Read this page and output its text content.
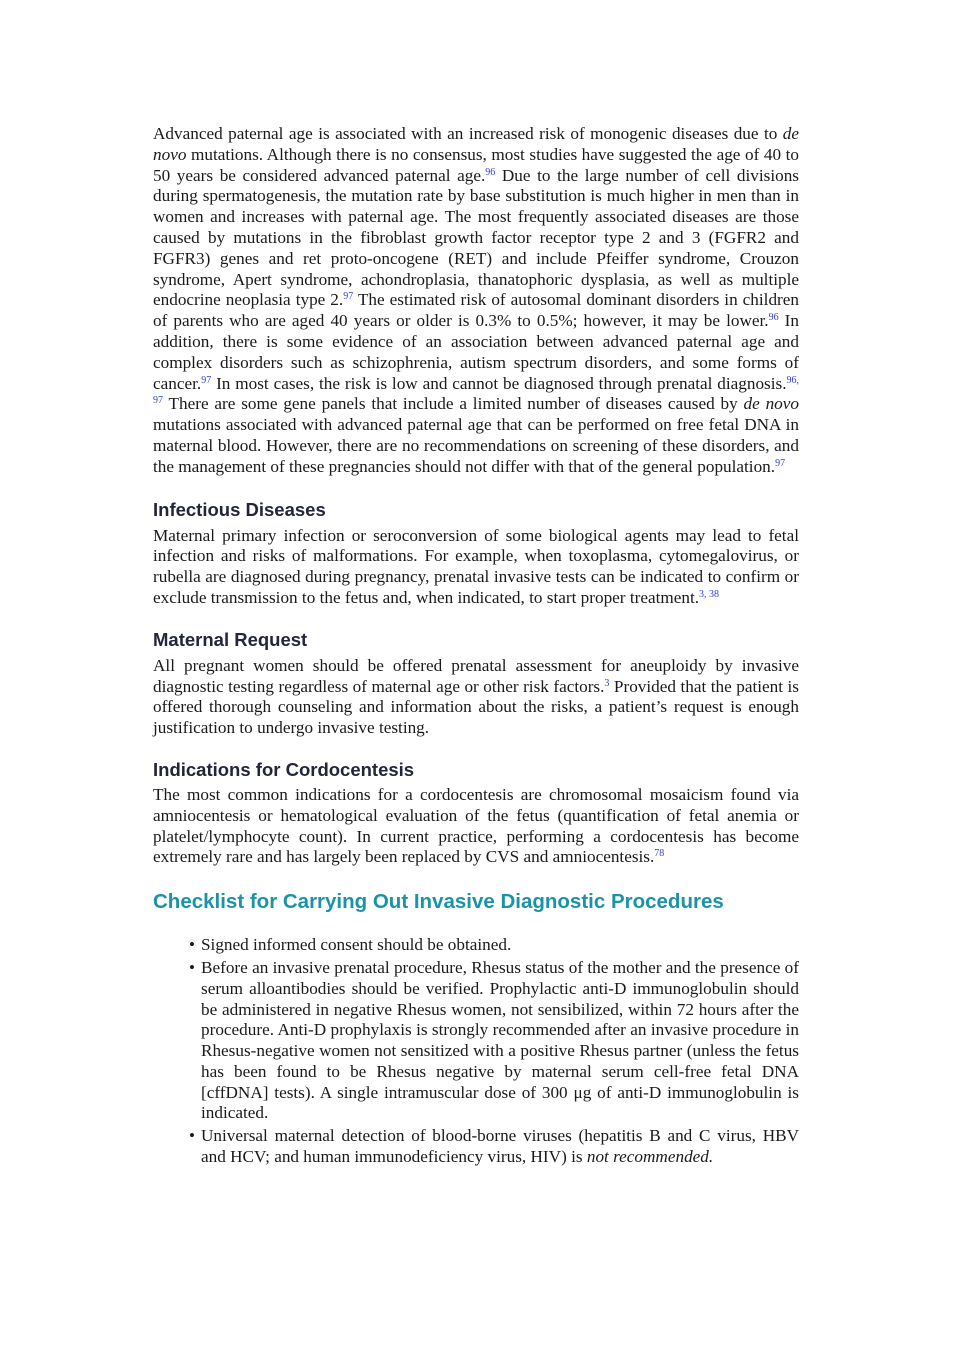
Advanced paternal age is associated with an increased risk of monogenic diseases due to de novo mutations. Although there is no consensus, most studies have suggested the age of 40 to 50 years be considered advanced paternal age.$^{96}$ Due to the large number of cell divisions during spermatogenesis, the mutation rate by base substitution is much higher in men than in women and increases with paternal age. The most frequently associated diseases are those caused by mutations in the fibroblast growth factor receptor type 2 and 3 (FGFR2 and FGFR3) genes and ret proto-oncogene (RET) and include Pfeiffer syndrome, Crouzon syndrome, Apert syndrome, achondroplasia, thanatophoric dysplasia, as well as multiple endocrine neoplasia type 2.97 The estimated risk of autosomal dominant disorders in children of parents who are aged 40 years or older is 0.3% to 0.5%; however, it may be lower.$^{96}$ In addition, there is some evidence of an association between advanced paternal age and complex disorders such as schizophrenia, autism spectrum disorders, and some forms of cancer.$^{97}$ In most cases, the risk is low and cannot be diagnosed through prenatal diagnosis.$^{96, 97}$ There are some gene panels that include a limited number of diseases caused by de novo mutations associated with advanced paternal age that can be performed on free fetal DNA in maternal blood. However, there are no recommendations on screening of these disorders, and the management of these pregnancies should not differ with that of the general population.$^{97}$

Infectious Diseases

Maternal primary infection or seroconversion of some biological agents may lead to fetal infection and risks of malformations. For example, when toxoplasma, cytomegalovirus, or rubella are diagnosed during pregnancy, prenatal invasive tests can be indicated to confirm or exclude transmission to the fetus and, when indicated, to start proper treatment.$^{3, 38}$

Maternal Request

All pregnant women should be offered prenatal assessment for aneuploidy by invasive diagnostic testing regardless of maternal age or other risk factors.$^3$ Provided that the patient is offered thorough counseling and information about the risks, a patient’s request is enough justification to undergo invasive testing.

Indications for Cordocentesis

The most common indications for a cordocentesis are chromosomal mosaicism found via amniocentesis or hematological evaluation of the fetus (quantification of fetal anemia or platelet/lymphocyte count). In current practice, performing a cordocentesis has become extremely rare and has largely been replaced by CVS and amniocentesis.$^{78}$

Checklist for Carrying Out Invasive Diagnostic Procedures
• Signed informed consent should be obtained.
• Before an invasive prenatal procedure, Rhesus status of the mother and the presence of serum alloantibodies should be verified. Prophylactic anti-D immunoglobulin should be administered in negative Rhesus women, not sensibilized, within 72 hours after the procedure. Anti-D prophylaxis is strongly recommended after an invasive procedure in Rhesus-negative women not sensitized with a positive Rhesus partner (unless the fetus has been found to be Rhesus negative by maternal serum cell-free fetal DNA [cffDNA] tests). A single intramuscular dose of 300 μg of anti-D immunoglobulin is indicated.
• Universal maternal detection of blood-borne viruses (hepatitis B and C virus, HBV and HCV; and human immunodeficiency virus, HIV) is not recommended.
